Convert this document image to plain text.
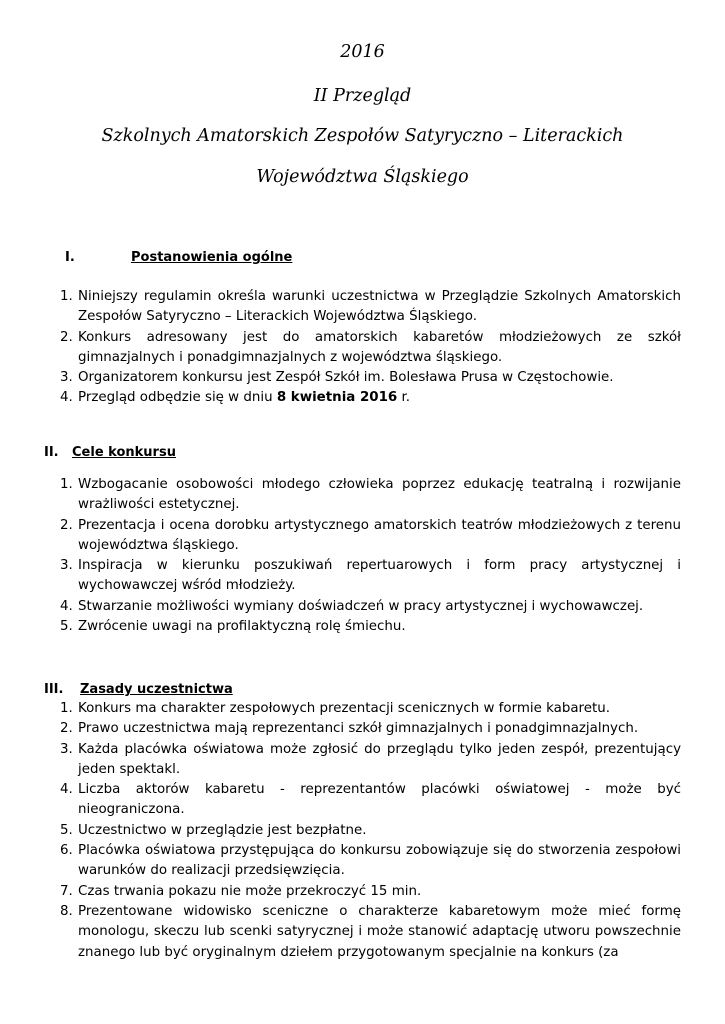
2016
II Przegląd
Szkolnych Amatorskich Zespołów Satyryczno – Literackich
Województwa Śląskiego
I.	Postanowienia ogólne
1. Niniejszy regulamin określa warunki uczestnictwa w Przeglądzie Szkolnych Amatorskich Zespołów Satyryczno – Literackich Województwa Śląskiego.
2. Konkurs adresowany jest do amatorskich kabaretów młodzieżowych ze szkół gimnazjalnych i ponadgimnazjalnych z województwa śląskiego.
3. Organizatorem konkursu jest Zespół Szkół im. Bolesława Prusa w Częstochowie.
4. Przegląd odbędzie się w dniu 8 kwietnia 2016 r.
II. Cele konkursu
1. Wzbogacanie osobowości młodego człowieka poprzez edukację teatralną i rozwijanie wrażliwości estetycznej.
2. Prezentacja i ocena dorobku artystycznego amatorskich teatrów młodzieżowych z terenu województwa śląskiego.
3. Inspiracja w kierunku poszukiwań repertuarowych i form pracy artystycznej i wychowawczej wśród młodzieży.
4. Stwarzanie możliwości wymiany doświadczeń w pracy artystycznej i wychowawczej.
5. Zwrócenie uwagi na profilaktyczną rolę śmiechu.
III. Zasady uczestnictwa
1. Konkurs ma charakter zespołowych prezentacji scenicznych w formie kabaretu.
2. Prawo uczestnictwa mają reprezentanci szkół gimnazjalnych i ponadgimnazjalnych.
3. Każda placówka oświatowa może zgłosić do przeglądu tylko jeden zespół, prezentujący jeden spektakl.
4. Liczba aktorów kabaretu - reprezentantów placówki oświatowej - może być nieograniczona.
5. Uczestnictwo w przeglądzie jest bezpłatne.
6. Placówka oświatowa przystępująca do konkursu zobowiązuje się do stworzenia zespołowi warunków do realizacji przedsięwzięcia.
7. Czas trwania pokazu nie może przekroczyć 15 min.
8. Prezentowane widowisko sceniczne o charakterze kabaretowym może mieć formę monologu, skeczu lub scenki satyrycznej i może stanowić adaptację utworu powszechnie znanego lub być oryginalnym dziełem przygotowanym specjalnie na konkurs (za
